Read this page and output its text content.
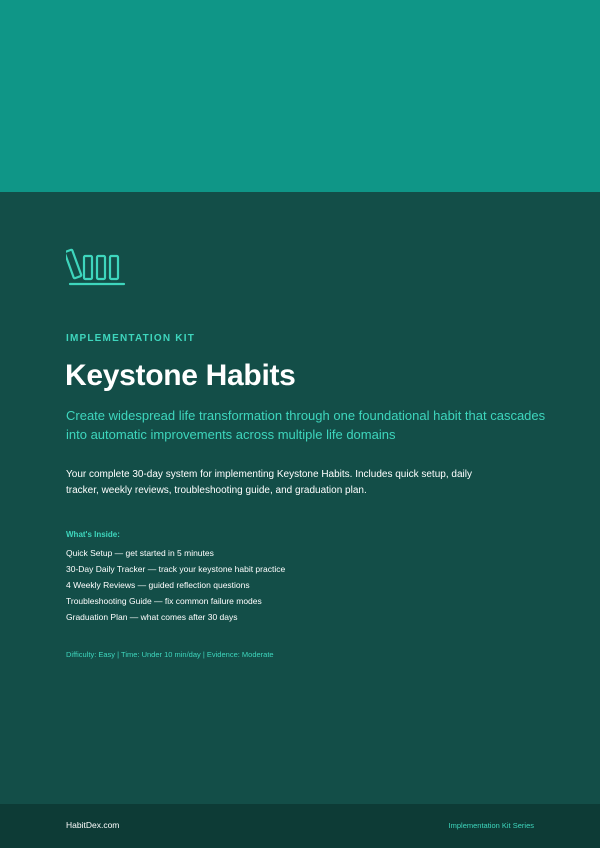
IMPLEMENTATION KIT
Keystone Habits
Create widespread life transformation through one foundational habit that cascades into automatic improvements across multiple life domains
Your complete 30-day system for implementing Keystone Habits. Includes quick setup, daily tracker, weekly reviews, troubleshooting guide, and graduation plan.
What's Inside:
Quick Setup — get started in 5 minutes
30-Day Daily Tracker — track your keystone habit practice
4 Weekly Reviews — guided reflection questions
Troubleshooting Guide — fix common failure modes
Graduation Plan — what comes after 30 days
Difficulty: Easy | Time: Under 10 min/day | Evidence: Moderate
HabitDex.com	Implementation Kit Series
